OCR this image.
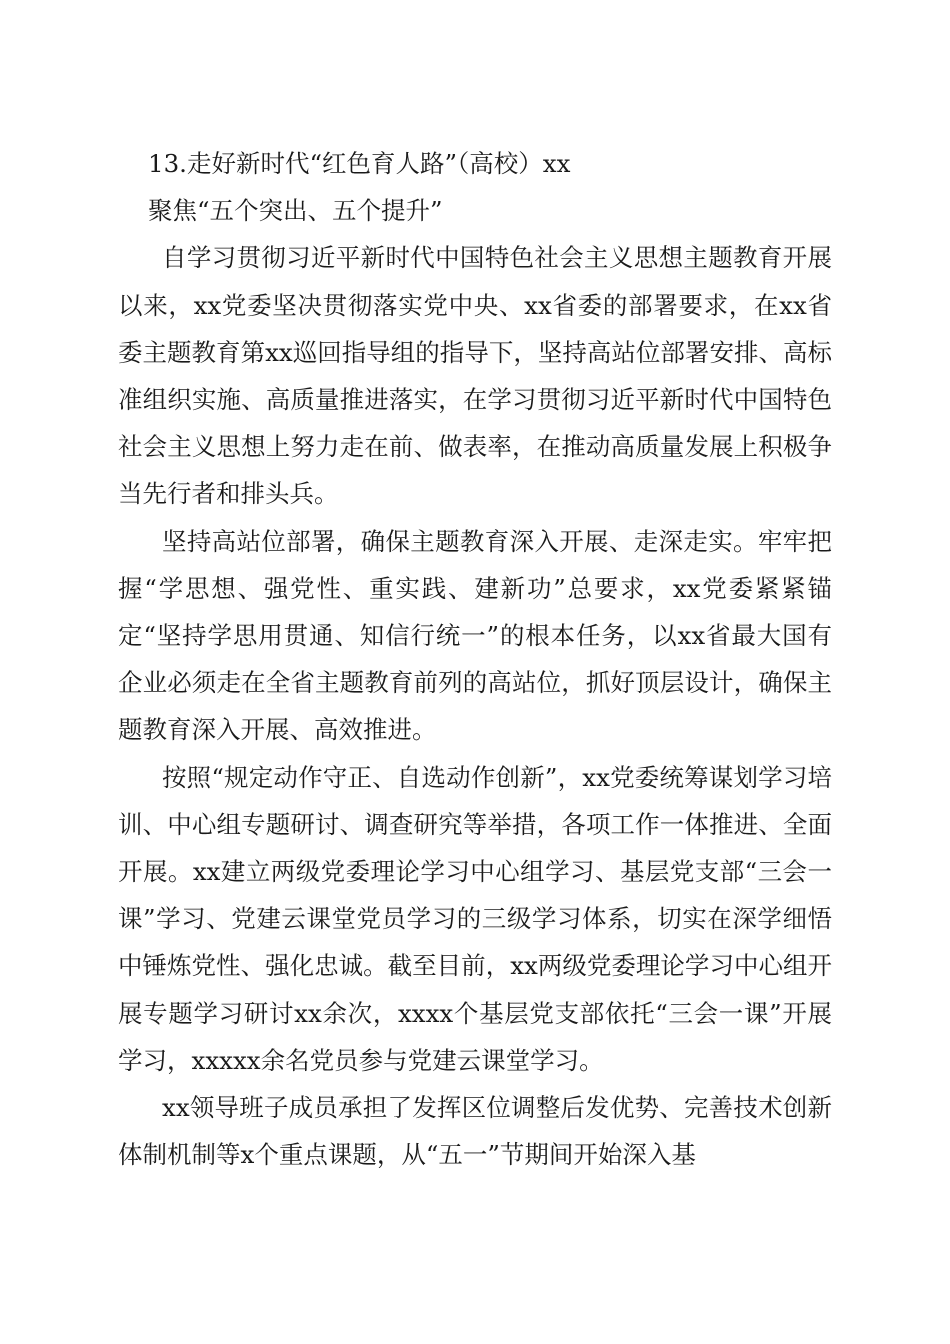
13.走好新时代“红色育人路”（高校）xx
聚焦“五个突出、五个提升”

自学习贯彻习近平新时代中国特色社会主义思想主题教育开展以来，xx党委坚决贯彻落实党中央、xx省委的部署要求，在xx省委主题教育第xx巡回指导组的指导下，坚持高站位部署安排、高标准组织实施、高质量推进落实，在学习贯彻习近平新时代中国特色社会主义思想上努力走在前、做表率，在推动高质量发展上积极争当先行者和排头兵。

坚持高站位部署，确保主题教育深入开展、走深走实。牢牢把握“学思想、强党性、重实践、建新功”总要求，xx党委紧紧锚定“坚持学思用贯通、知信行统一”的根本任务，以xx省最大国有企业必须走在全省主题教育前列的高站位，抓好顶层设计，确保主题教育深入开展、高效推进。

按照“规定动作守正、自选动作创新”，xx党委统筹谋划学习培训、中心组专题研讨、调查研究等举措，各项工作一体推进、全面开展。xx建立两级党委理论学习中心组学习、基层党支部“三会一课”学习、党建云课堂党员学习的三级学习体系，切实在深学细悟中锤炼党性、强化忠诚。截至目前，xx两级党委理论学习中心组开展专题学习研讨xx余次，xxxx个基层党支部依托“三会一课”开展学习，xxxxx余名党员参与党建云课堂学习。

xx领导班子成员承担了发挥区位调整后发优势、完善技术创新体制机制等x个重点课题，从“五一”节期间开始深入基
